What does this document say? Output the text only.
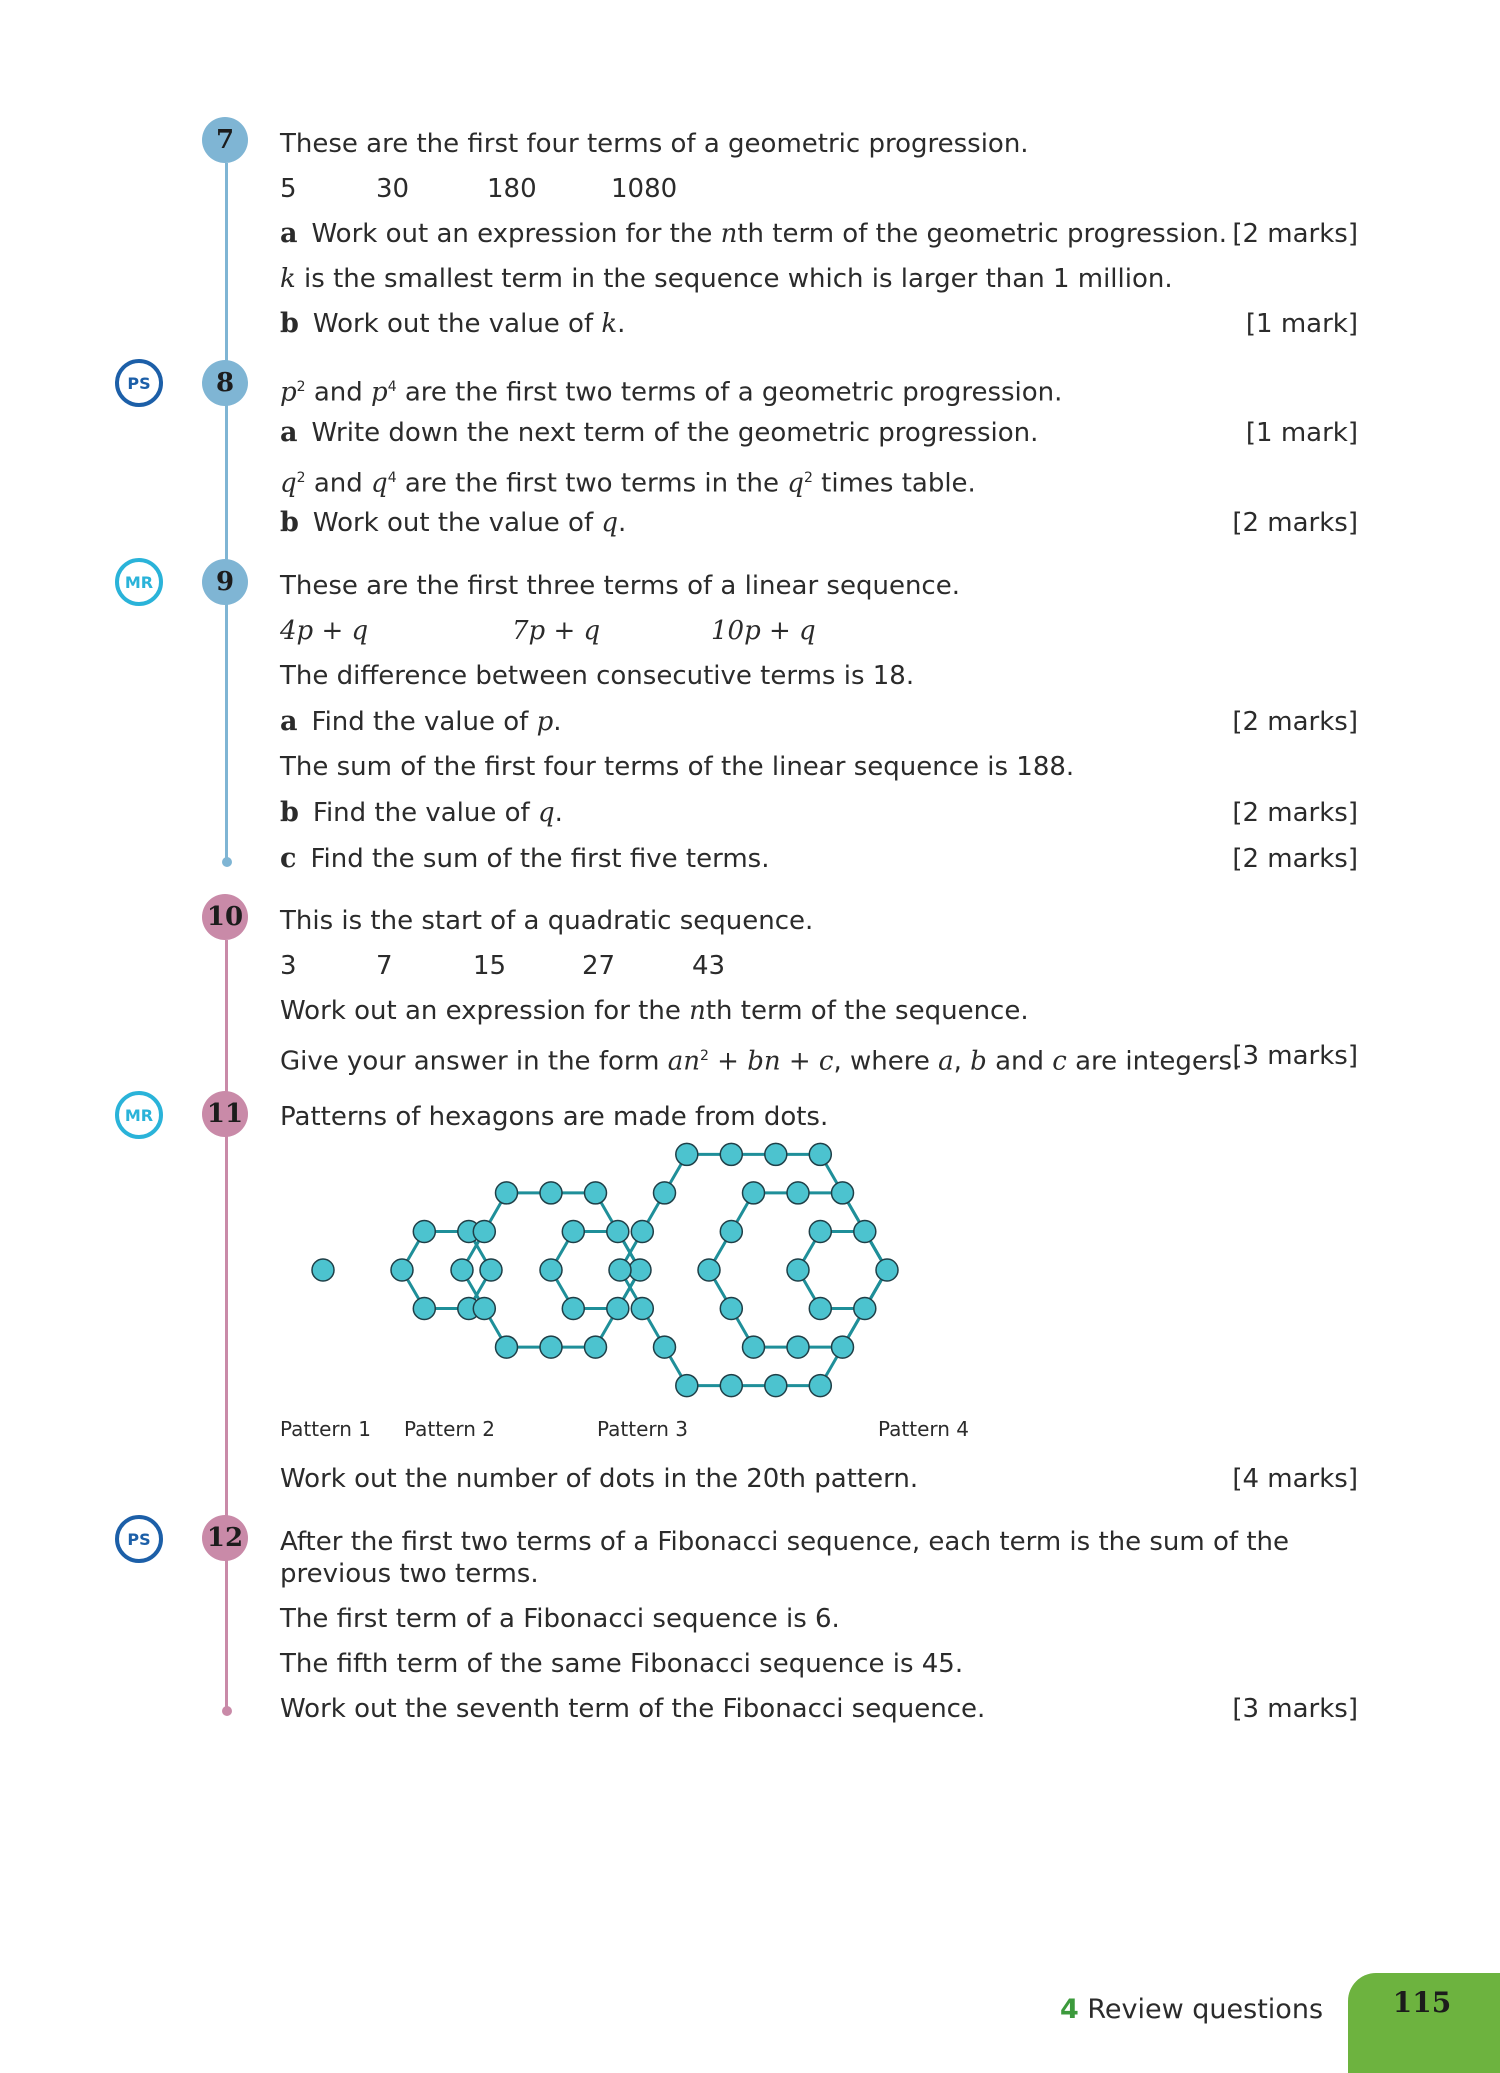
7 These are the first four terms of a geometric progression.
5	30	180	1080
a Work out an expression for the nth term of the geometric progression. [2 marks]
k is the smallest term in the sequence which is larger than 1 million.
b Work out the value of k.	[1 mark]
PS	8 $p^2$ and $p^4$ are the first two terms of a geometric progression.
a Write down the next term of the geometric progression.	[1 mark]
$q^2$ and $q^4$ are the first two terms in the $q^2$ times table.
b Work out the value of q.	[2 marks]
MR 9 These are the first three terms of a linear sequence.
4p + q	7p + q	10p + q
The difference between consecutive terms is 18.
a Find the value of p.	[2 marks]
The sum of the first four terms of the linear sequence is 188.
b Find the value of q.	[2 marks]
c Find the sum of the first five terms.	[2 marks]
10 This is the start of a quadratic sequence.
3	7	15	27	43
Work out an expression for the nth term of the sequence.
Give your answer in the form $an^2$ + bn + c, where a, b and c are integers.
[3 marks]
MR 11 Patterns of hexagons are made from dots.
Pattern 1 Pattern 2	Pattern 3	Pattern 4
Work out the number of dots in the 20th pattern.	[4 marks]
PS 12 After the first two terms of a Fibonacci sequence, each term is the sum of the
previous two terms.
The first term of a Fibonacci sequence is 6.
The fifth term of the same Fibonacci sequence is 45.
Work out the seventh term of the Fibonacci sequence.	[3 marks]
4 Review questions	115
